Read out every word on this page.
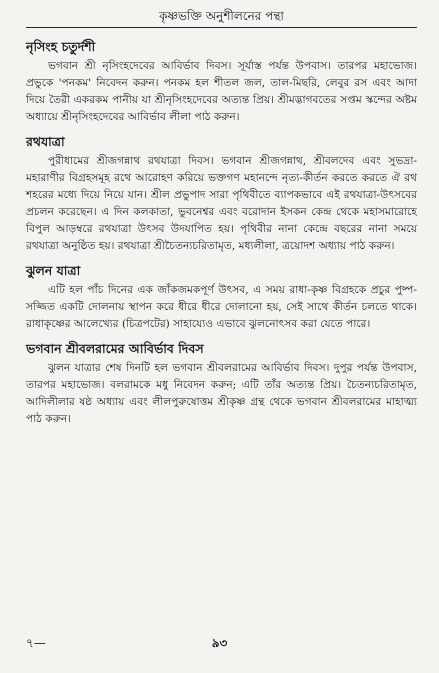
কৃষ্ণভক্তি অনুশীলনের পন্থা
নৃসিংহ চতুর্দশী

ভগবান শ্রী নৃসিংহদেবের আবির্ভাব দিবস। সূর্যাস্ত পর্যন্ত উপবাস। তারপর মহাভোজ। প্রভুকে 'পনকম' নিবেদন করুন। পনকম হল শীতল জল, তাল-মিছরি, লেবুর রস এবং আদা দিয়ে তৈরী একরকম পানীয় যা শ্রীনৃসিংহদেবের অত্যন্ত প্রিয়। শ্রীমদ্ভাগবতের সপ্তম স্কন্দের অষ্টম অধ্যায়ে শ্রীনৃসিংহদেবের আবির্ভাব লীলা পাঠ করুন।

রথযাত্রা

পুরীধামের শ্রীজগন্নাথ রথযাত্রা দিবস। ভগবান শ্রীজগন্নাথ, শ্রীবলদেব এবং সুভদ্রা-মহারাণীর বিগ্রহসমূহ রথে আরোহণ করিয়ে ভক্তগণ মহানন্দে নৃত্য-কীর্তন করতে করতে ঐ রথ শহরের মধ্যে দিয়ে নিয়ে যান। শ্রীল প্রভুপাদ সারা পৃথিবীতে ব্যাপকভাবে এই রথযাত্রা-উৎসবের প্রচলন করেছেন। এ দিন কলকাতা, ভুবনেশ্বর এবং বরোদান ইসকন কেন্দ্র থেকে মহাসমারোহে বিপুল আড়ম্বরে রথযাত্রা উৎসব উদযাপিত হয়। পৃথিবীর নানা কেন্দ্রে বছরের নানা সময়ে রথযাত্রা অনুষ্ঠিত হয়। রথযাত্রা শ্রীচৈতন্যচরিতামৃত, মধ্যলীলা, ত্রয়োদশ অধ্যায় পাঠ করুন।

ঝুলন যাত্রা

এটি হল পাঁচ দিনের এক জাঁকজমকপূর্ণ উৎসব, এ সময় রাধা-কৃষ্ণ বিগ্রহকে প্রচুর পুষ্প-সজ্জিত একটি দোলনায় স্থাপন করে ধীরে ধীরে দোলানো হয়, সেই সাথে কীর্তন চলতে থাকে। রাধাকৃষ্ণের আলেখ্যের (চিত্রপটের) সাহায্যেও এভাবে ঝুলনোৎসব করা যেতে পারে।

ভগবান শ্রীবলরামের আবির্ভাব দিবস

ঝুলন যাত্রার শেষ দিনটি হল ভগবান শ্রীবলরামের আবির্ভাব দিবস। দুপুর পর্যন্ত উপবাস, তারপর মহাভোজ। বলরামকে মধু নিবেদন করুন; এটি তাঁর অত্যন্ত প্রিয়। চৈতন্যচরিতামৃত, আদিলীলার ষষ্ঠ অধ্যায় এবং লীলপুরুষোত্তম শ্রীকৃষ্ণ গ্রন্থ থেকে ভগবান শ্রীবলরামের মাহাত্ম্য পাঠ করুন।

৭—	৯৩
